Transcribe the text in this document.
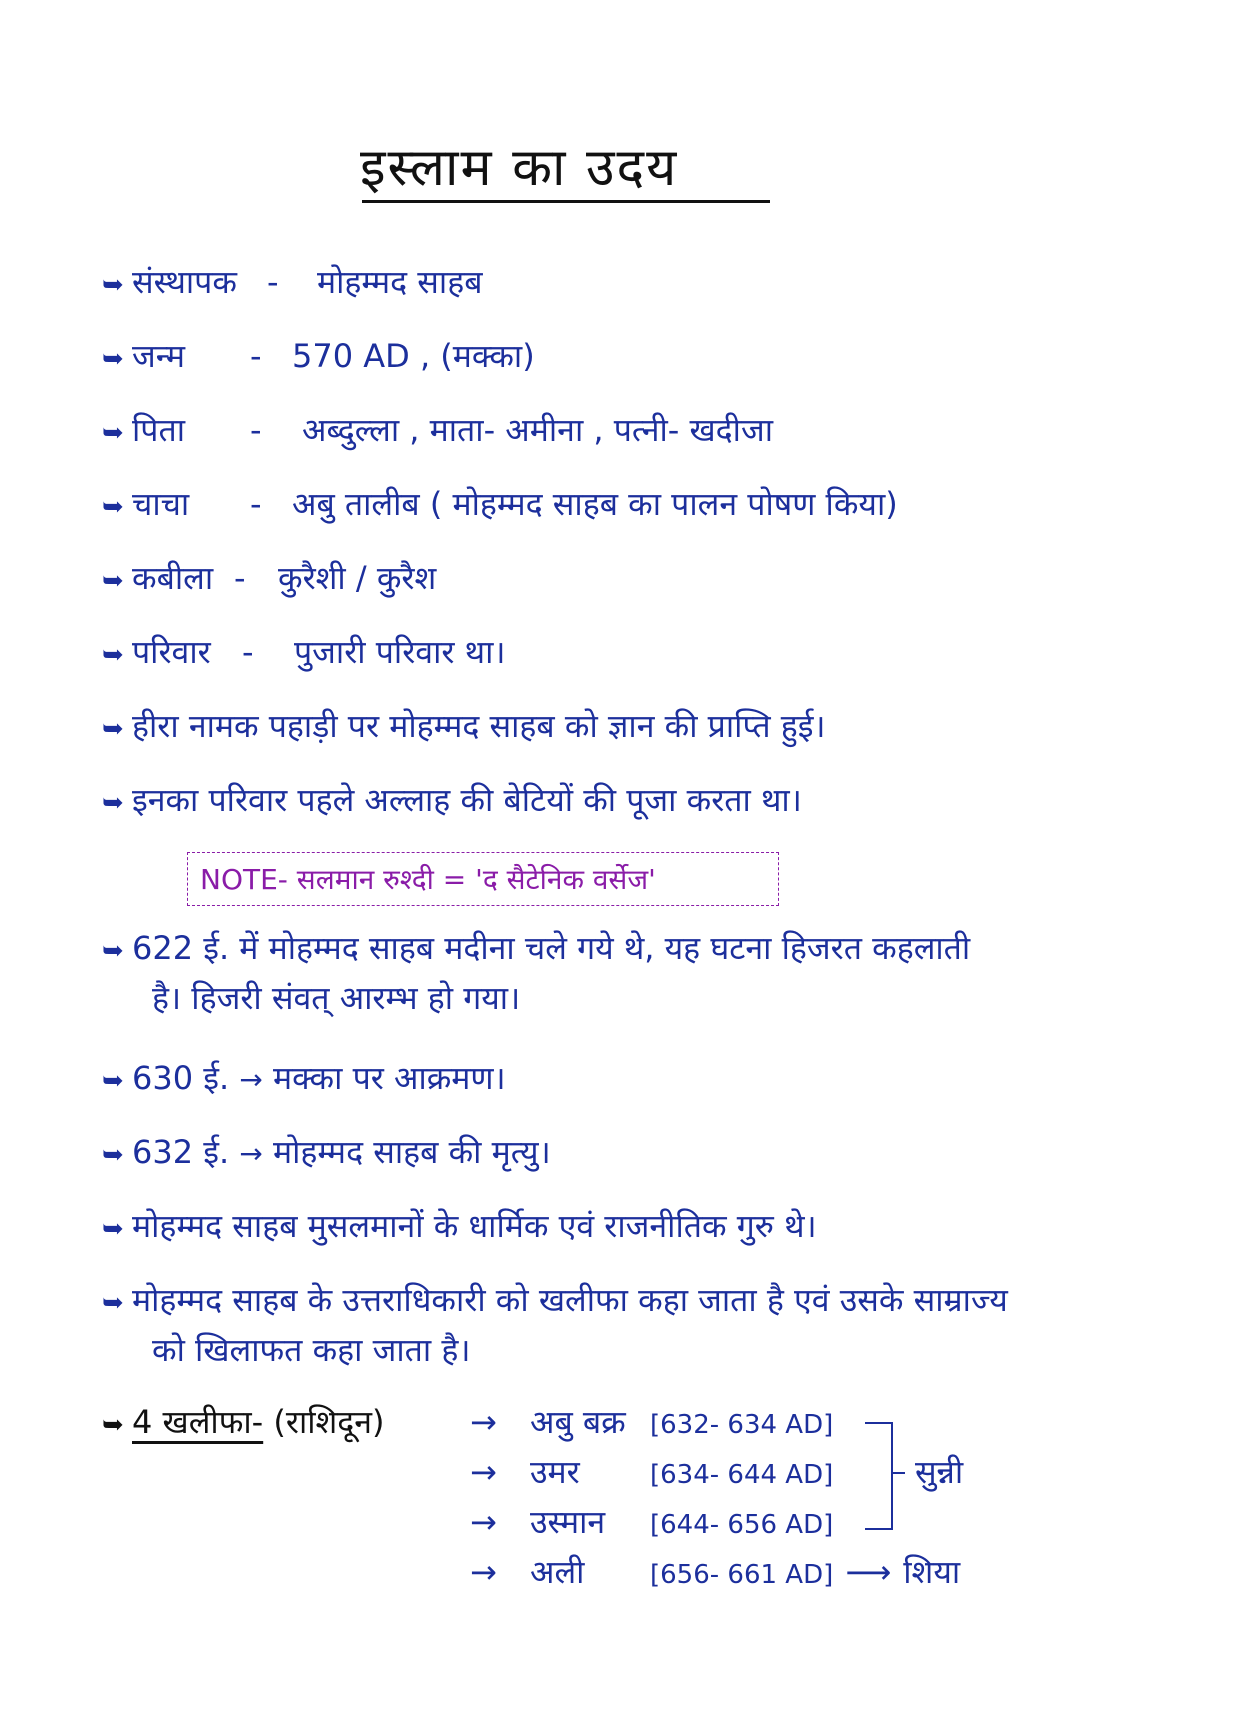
इस्लाम का उदय
➥ संस्थापक - मोहम्मद साहब
➥ जन्म - 570 AD , (मक्का)
➥ पिता - अब्दुल्ला , माता- अमीना , पत्नी- खदीजा
➥ चाचा - अबु तालीब ( मोहम्मद साहब का पालन पोषण किया)
➥ कबीला - कुरैशी / कुरैश
➥ परिवार - पुजारी परिवार था।
➥ हीरा नामक पहाड़ी पर मोहम्मद साहब को ज्ञान की प्राप्ति हुई।
➥ इनका परिवार पहले अल्लाह की बेटियों की पूजा करता था।
NOTE- सलमान रुश्दी = 'द सैटेनिक वर्सेज'
➥ 622 ई. में मोहम्मद साहब मदीना चले गये थे, यह घटना हिजरत कहलाती
है। हिजरी संवत् आरम्भ हो गया।
➥ 630 ई. → मक्का पर आक्रमण।
➥ 632 ई. → मोहम्मद साहब की मृत्यु।
➥ मोहम्मद साहब मुसलमानों के धार्मिक एवं राजनीतिक गुरु थे।
➥ मोहम्मद साहब के उत्तराधिकारी को खलीफा कहा जाता है एवं उसके साम्राज्य
को खिलाफत कहा जाता है।
➥ 4 खलीफा- (राशिदून)	→ अबु बक्र [632- 634 AD]
→ उमर	[634- 644 AD]
→ उस्मान [644- 656 AD]
→ अली	[656- 661 AD] ⟶ शिया
सुन्नी
